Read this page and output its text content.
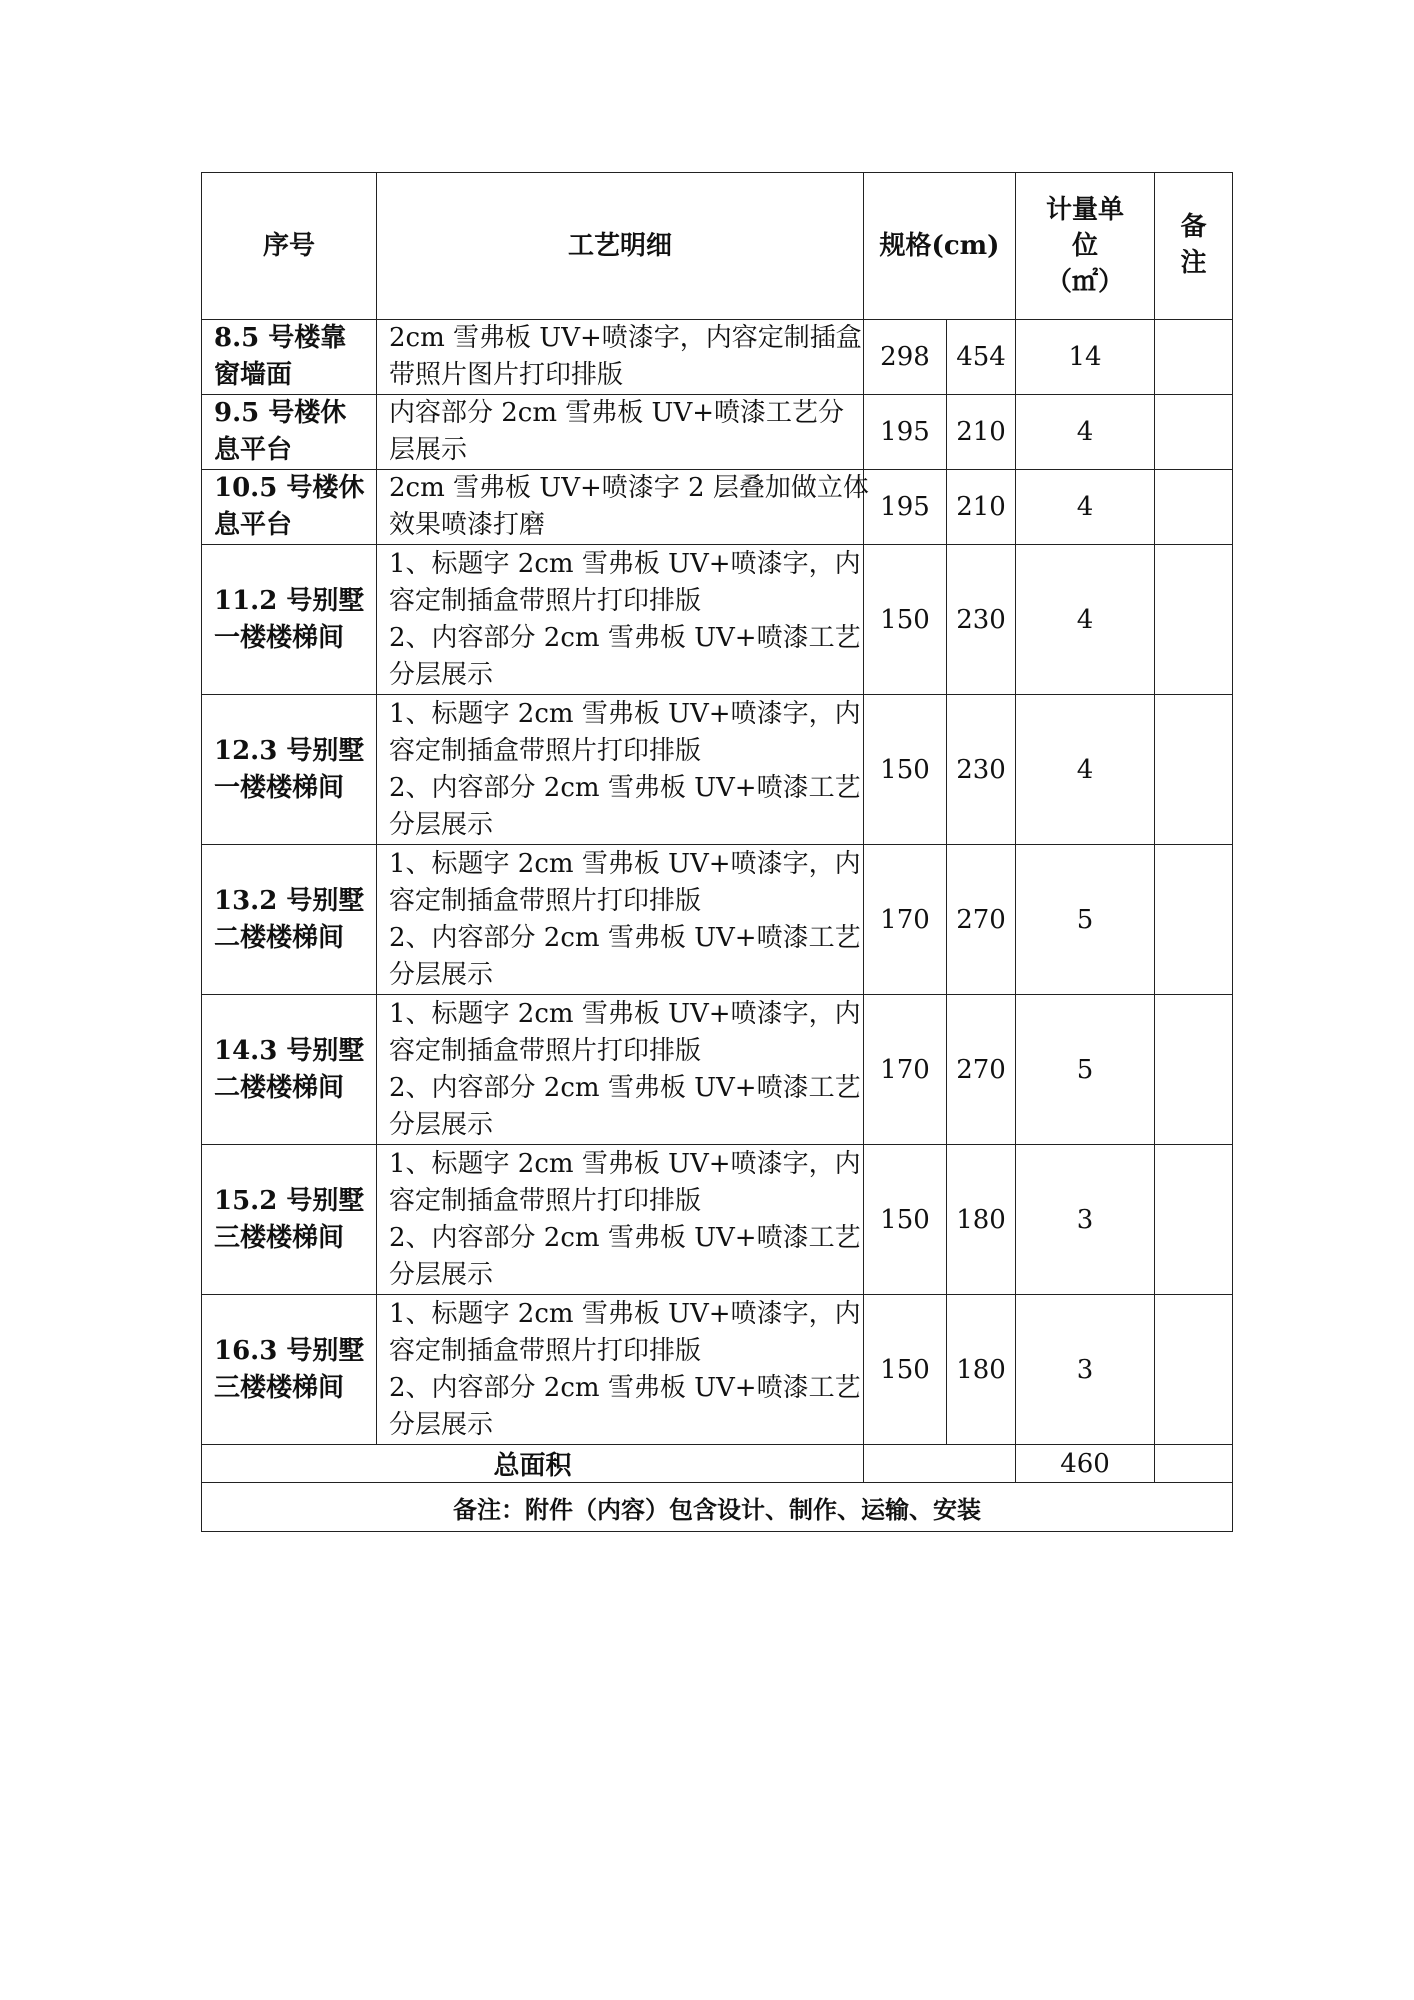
序号	工艺明细	规格(cm)		计量单
位
（㎡）	备
注

8.5 号楼靠
窗墙面	2cm 雪弗板 UV+喷漆字，内容定制插盒
带照片图片打印排版	298	454	14	

9.5 号楼休
息平台	内容部分 2cm 雪弗板 UV+喷漆工艺分
层展示	195	210	4	

10.5 号楼休
息平台	2cm 雪弗板 UV+喷漆字 2 层叠加做立体
效果喷漆打磨	195	210	4	

11.2 号别墅
一楼楼梯间	1、标题字 2cm 雪弗板 UV+喷漆字，内
容定制插盒带照片打印排版
2、内容部分 2cm 雪弗板 UV+喷漆工艺
分层展示	150	230	4	

12.3 号别墅
一楼楼梯间	1、标题字 2cm 雪弗板 UV+喷漆字，内
容定制插盒带照片打印排版
2、内容部分 2cm 雪弗板 UV+喷漆工艺
分层展示	150	230	4	

13.2 号别墅
二楼楼梯间	1、标题字 2cm 雪弗板 UV+喷漆字，内
容定制插盒带照片打印排版
2、内容部分 2cm 雪弗板 UV+喷漆工艺
分层展示	170	270	5	

14.3 号别墅
二楼楼梯间	1、标题字 2cm 雪弗板 UV+喷漆字，内
容定制插盒带照片打印排版
2、内容部分 2cm 雪弗板 UV+喷漆工艺
分层展示	170	270	5	

15.2 号别墅
三楼楼梯间	1、标题字 2cm 雪弗板 UV+喷漆字，内
容定制插盒带照片打印排版
2、内容部分 2cm 雪弗板 UV+喷漆工艺
分层展示	150	180	3	

16.3 号别墅
三楼楼梯间	1、标题字 2cm 雪弗板 UV+喷漆字，内
容定制插盒带照片打印排版
2、内容部分 2cm 雪弗板 UV+喷漆工艺
分层展示	150	180	3	
总面积				460	
备注：附件（内容）包含设计、制作、运输、安装					
